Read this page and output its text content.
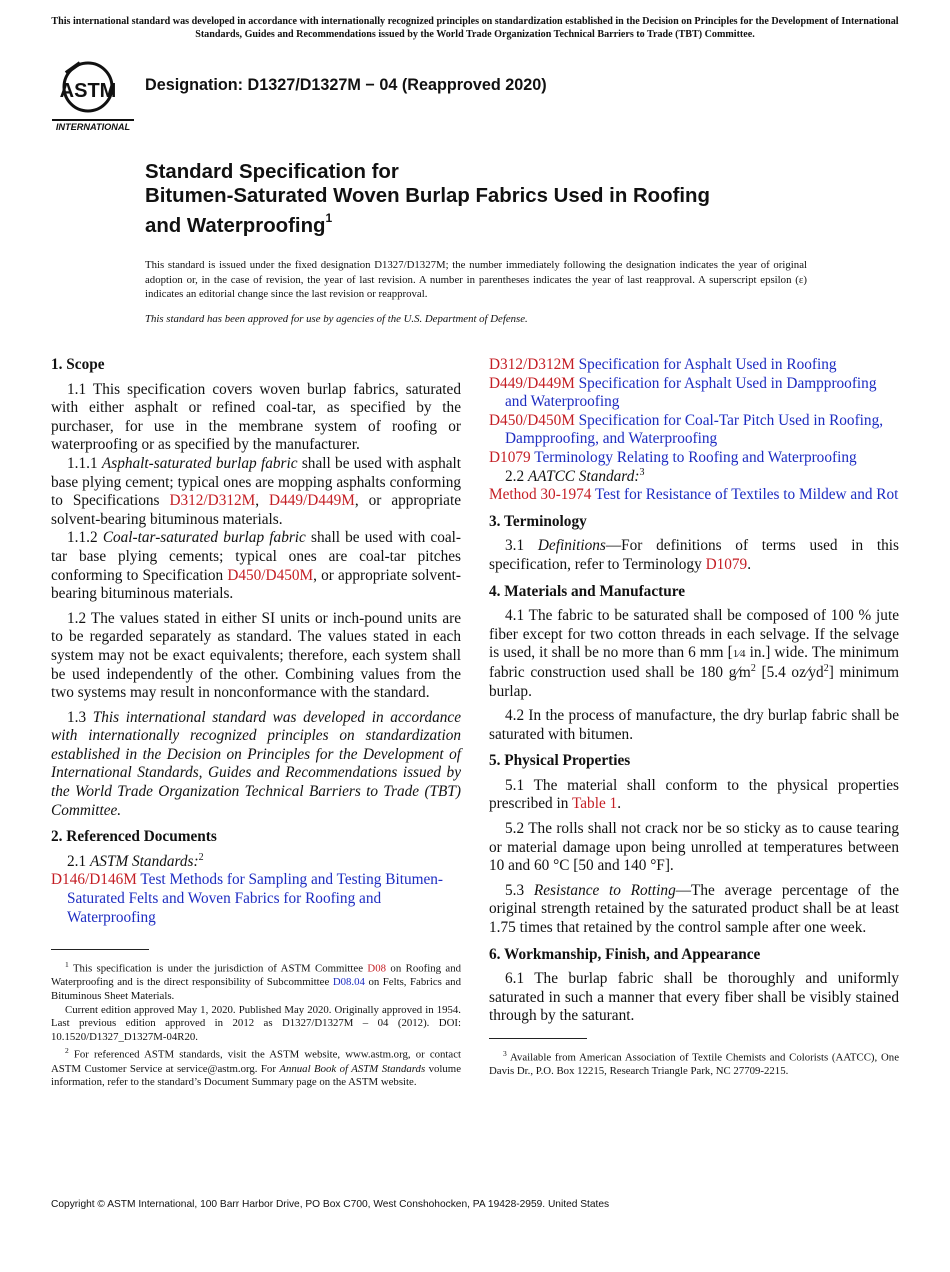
This international standard was developed in accordance with internationally recognized principles on standardization established in the Decision on Principles for the Development of International Standards, Guides and Recommendations issued by the World Trade Organization Technical Barriers to Trade (TBT) Committee.
ASTM
INTERNATIONAL
Designation: D1327/D1327M − 04 (Reapproved 2020)
Standard Specification for
Bitumen-Saturated Woven Burlap Fabrics Used in Roofing
and Waterproofing$^1$
This standard is issued under the fixed designation D1327/D1327M; the number immediately following the designation indicates the year of original adoption or, in the case of revision, the year of last revision. A number in parentheses indicates the year of last reapproval. A superscript epsilon (ε) indicates an editorial change since the last revision or reapproval.
This standard has been approved for use by agencies of the U.S. Department of Defense.
1. Scope

1.1 This specification covers woven burlap fabrics, saturated with either asphalt or refined coal-tar, as specified by the purchaser, for use in the membrane system of roofing or waterproofing or as specified by the manufacturer.

1.1.1 Asphalt-saturated burlap fabric shall be used with asphalt base plying cement; typical ones are mopping asphalts conforming to Specifications D312/D312M, D449/D449M, or appropriate solvent-bearing bituminous materials.

1.1.2 Coal-tar-saturated burlap fabric shall be used with coal-tar base plying cements; typical ones are coal-tar pitches conforming to Specification D450/D450M, or appropriate solvent-bearing bituminous materials.

1.2 The values stated in either SI units or inch-pound units are to be regarded separately as standard. The values stated in each system may not be exact equivalents; therefore, each system shall be used independently of the other. Combining values from the two systems may result in nonconformance with the standard.

1.3 This international standard was developed in accordance with internationally recognized principles on standardization established in the Decision on Principles for the Development of International Standards, Guides and Recommendations issued by the World Trade Organization Technical Barriers to Trade (TBT) Committee.

2. Referenced Documents

2.1 ASTM Standards:$^2$

D146/D146M Test Methods for Sampling and Testing Bitumen-Saturated Felts and Woven Fabrics for Roofing and Waterproofing

$^1$ This specification is under the jurisdiction of ASTM Committee D08 on Roofing and Waterproofing and is the direct responsibility of Subcommittee D08.04 on Felts, Fabrics and Bituminous Sheet Materials.

Current edition approved May 1, 2020. Published May 2020. Originally approved in 1954. Last previous edition approved in 2012 as D1327/D1327M – 04 (2012). DOI: 10.1520/D1327_D1327M-04R20.

$^2$ For referenced ASTM standards, visit the ASTM website, www.astm.org, or contact ASTM Customer Service at service@astm.org. For Annual Book of ASTM Standards volume information, refer to the standard’s Document Summary page on the ASTM website.

D312/D312M Specification for Asphalt Used in Roofing

D449/D449M Specification for Asphalt Used in Dampproofing and Waterproofing

D450/D450M Specification for Coal-Tar Pitch Used in Roofing, Dampproofing, and Waterproofing

D1079 Terminology Relating to Roofing and Waterproofing

2.2 AATCC Standard:$^3$

Method 30-1974 Test for Resistance of Textiles to Mildew and Rot

3. Terminology

3.1 Definitions—For definitions of terms used in this specification, refer to Terminology D1079.

4. Materials and Manufacture

4.1 The fabric to be saturated shall be composed of 100 % jute fiber except for two cotton threads in each selvage. If the selvage is used, it shall be no more than 6 mm [1⁄4 in.] wide. The minimum fabric construction used shall be 180 $g⁄m^2$ [5.4 $oz⁄yd^2$] minimum burlap.

4.2 In the process of manufacture, the dry burlap fabric shall be saturated with bitumen.

5. Physical Properties

5.1 The material shall conform to the physical properties prescribed in Table 1.

5.2 The rolls shall not crack nor be so sticky as to cause tearing or material damage upon being unrolled at temperatures between 10 and 60 °C [50 and 140 °F].

5.3 Resistance to Rotting—The average percentage of the original strength retained by the saturated product shall be at least 1.75 times that retained by the control sample after one week.

6. Workmanship, Finish, and Appearance

6.1 The burlap fabric shall be thoroughly and uniformly saturated in such a manner that every fiber shall be visibly stained through by the saturant.

$^3$ Available from American Association of Textile Chemists and Colorists (AATCC), One Davis Dr., P.O. Box 12215, Research Triangle Park, NC 27709-2215.

Copyright © ASTM International, 100 Barr Harbor Drive, PO Box C700, West Conshohocken, PA 19428-2959. United States
